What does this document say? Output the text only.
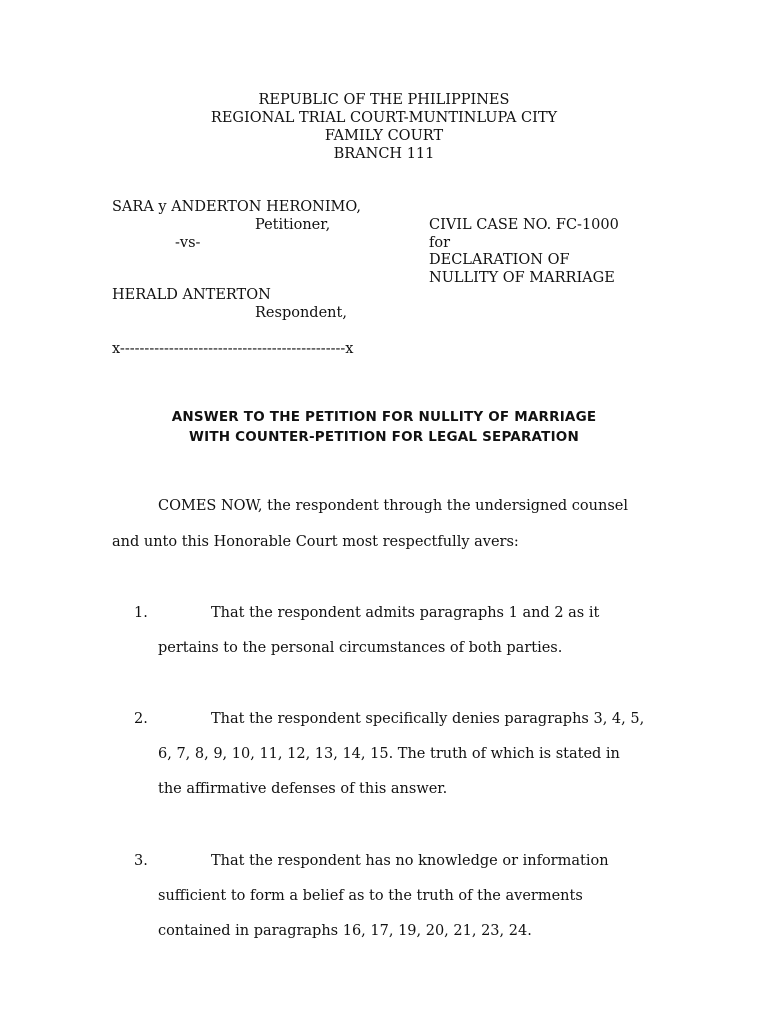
REPUBLIC OF THE PHILIPPINES
REGIONAL TRIAL COURT-MUNTINLUPA CITY
FAMILY COURT
BRANCH 111
SARA y ANDERTON HERONIMO,
Petitioner,
-vs-
HERALD ANTERTON
Respondent,
CIVIL CASE NO. FC-1000
for
DECLARATION OF
NULLITY OF MARRIAGE
x----------------------------------------------x
ANSWER TO THE PETITION FOR NULLITY OF MARRIAGE
WITH COUNTER-PETITION FOR LEGAL SEPARATION
COMES NOW, the respondent through the undersigned counsel
and unto this Honorable Court most respectfully avers:
1.	That the respondent admits paragraphs 1 and 2 as it
pertains to the personal circumstances of both parties.
2.	That the respondent specifically denies paragraphs 3, 4, 5,
6, 7, 8, 9, 10, 11, 12, 13, 14, 15. The truth of which is stated in
the affirmative defenses of this answer.
3.	That the respondent has no knowledge or information
sufficient to form a belief as to the truth of the averments
contained in paragraphs 16, 17, 19, 20, 21, 23, 24.
